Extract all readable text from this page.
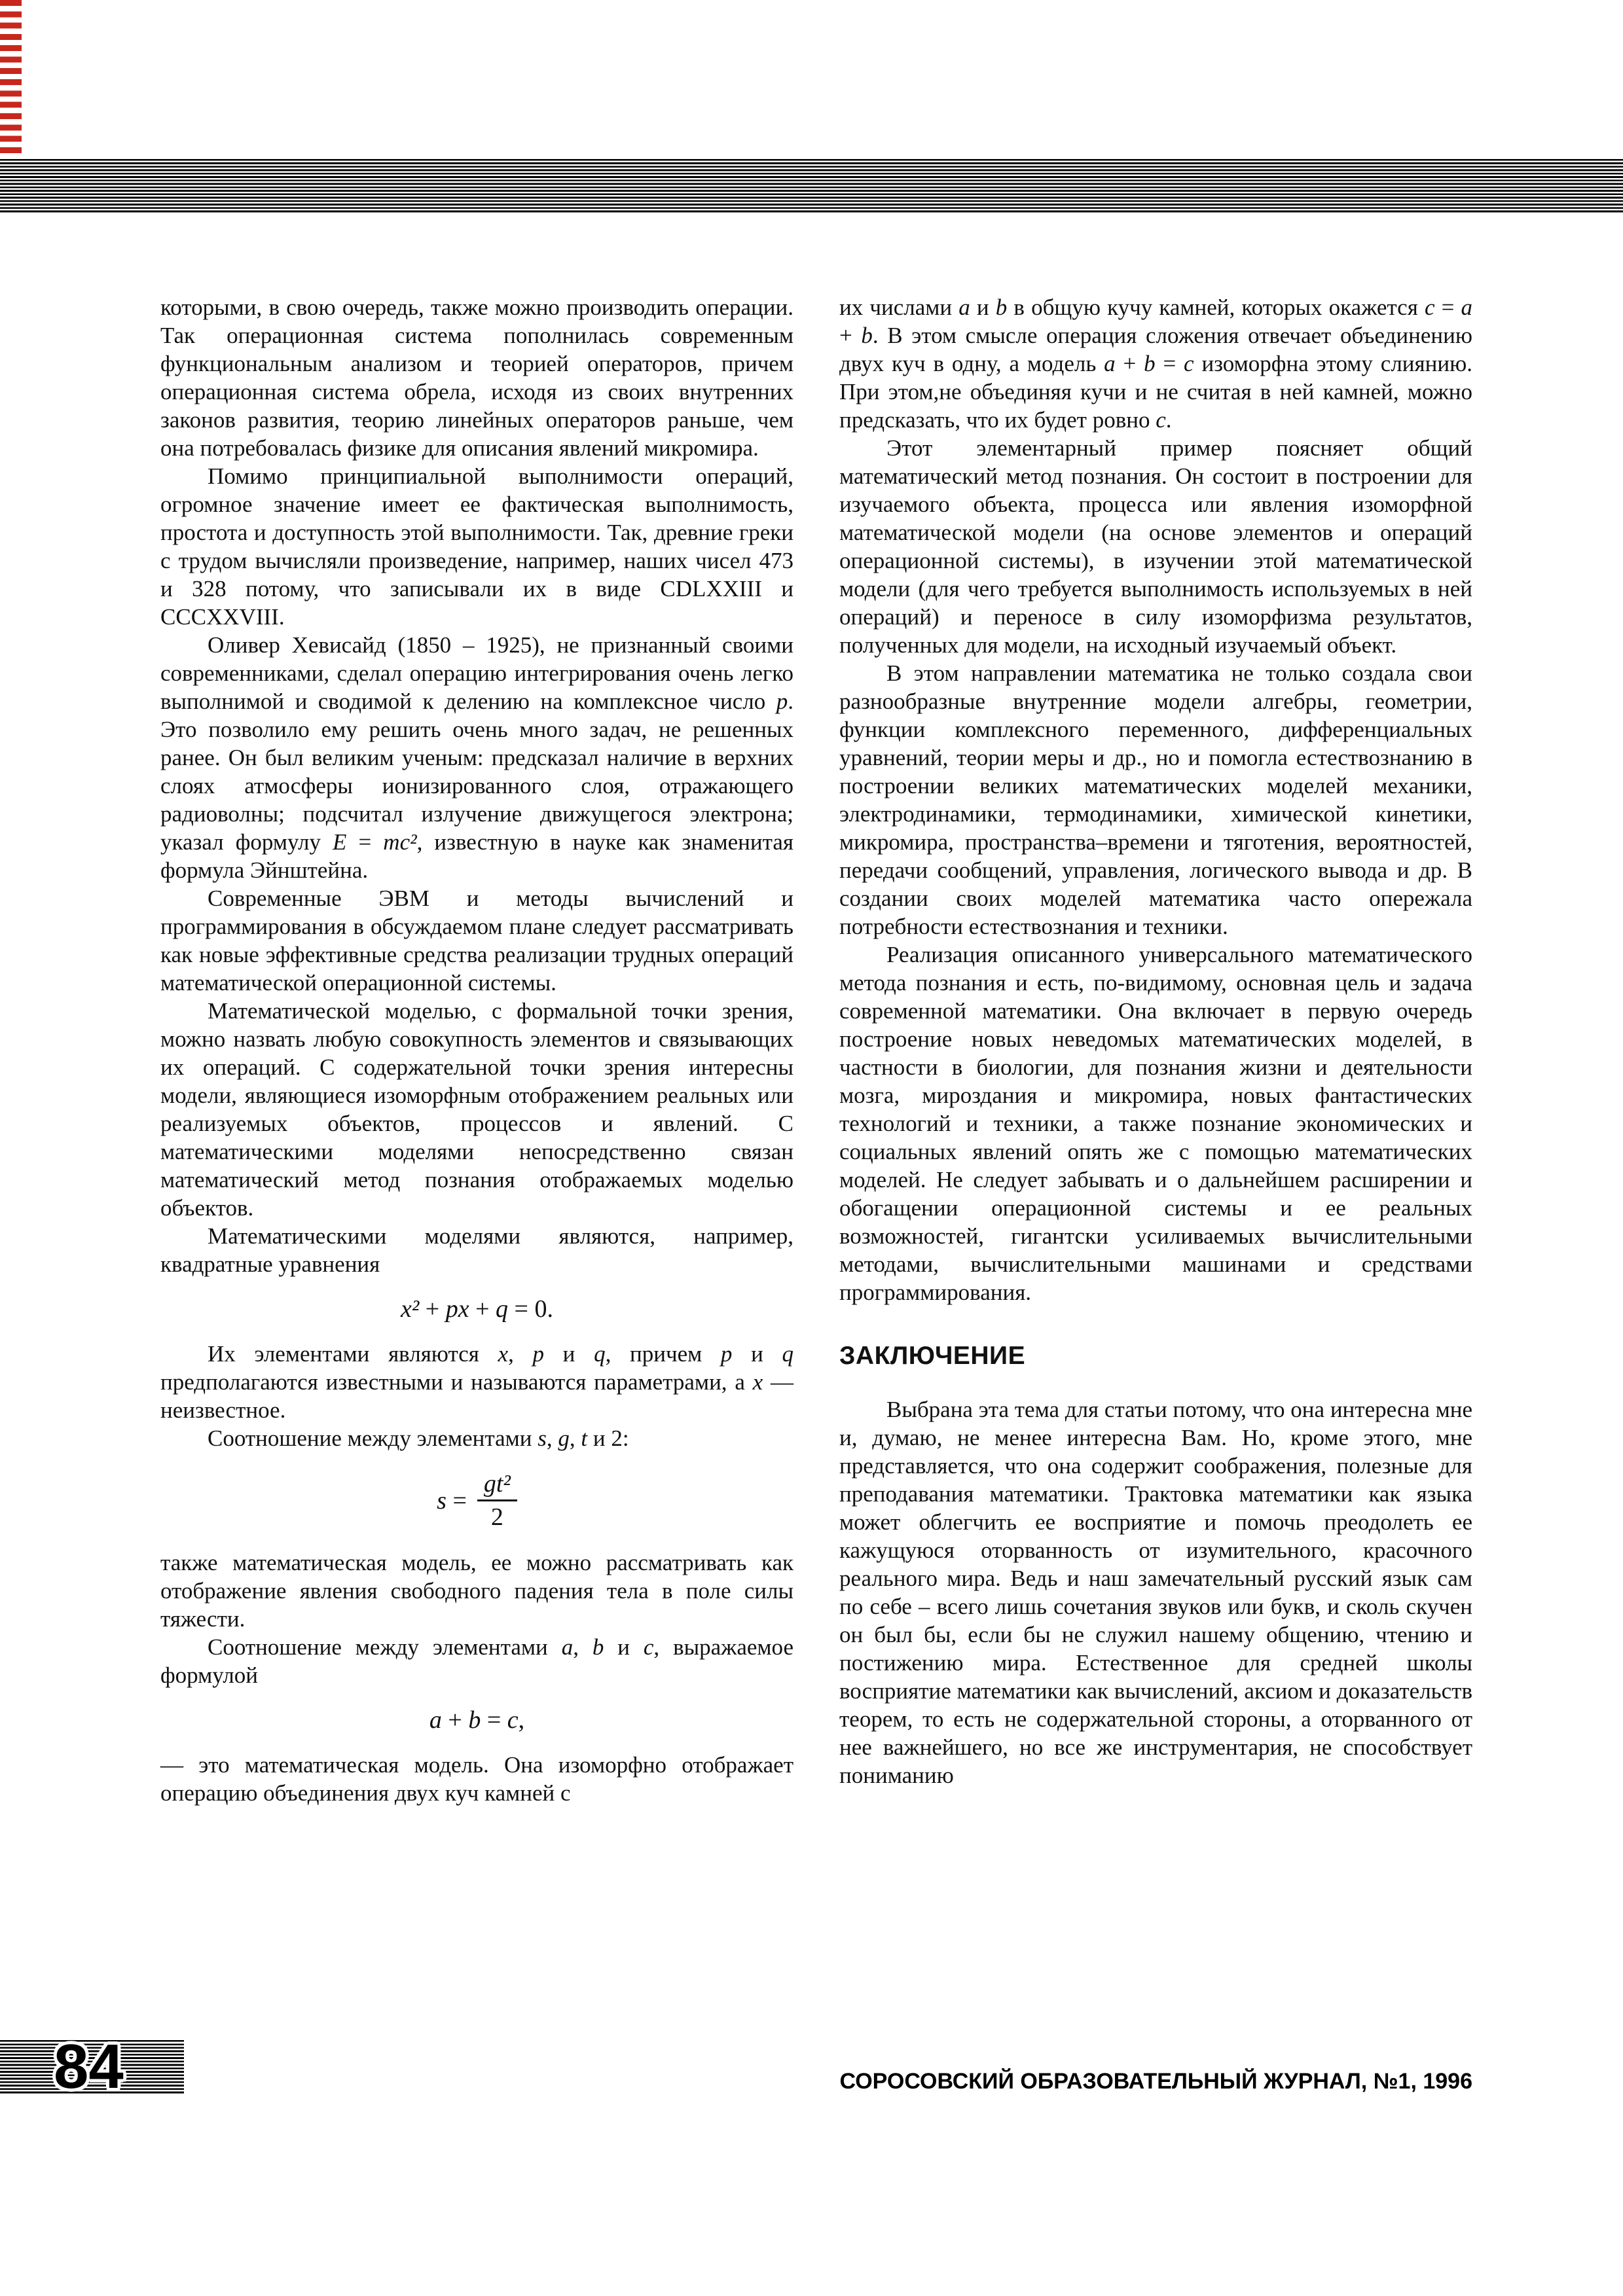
которыми, в свою очередь, также можно производить операции. Так операционная система пополнилась современным функциональным анализом и теорией операторов, причем операционная система обрела, исходя из своих внутренних законов развития, теорию линейных операторов раньше, чем она потребовалась физике для описания явлений микромира.

Помимо принципиальной выполнимости операций, огромное значение имеет ее фактическая выполнимость, простота и доступность этой выполнимости. Так, древние греки с трудом вычисляли произведение, например, наших чисел 473 и 328 потому, что записывали их в виде CDLXXIII и CCCXXVIII.

Оливер Хевисайд (1850 – 1925), не признанный своими современниками, сделал операцию интегрирования очень легко выполнимой и сводимой к делению на комплексное число p. Это позволило ему решить очень много задач, не решенных ранее. Он был великим ученым: предсказал наличие в верхних слоях атмосферы ионизированного слоя, отражающего радиоволны; подсчитал излучение движущегося электрона; указал формулу E = mc², известную в науке как знаменитая формула Эйнштейна.

Современные ЭВМ и методы вычислений и программирования в обсуждаемом плане следует рассматривать как новые эффективные средства реализации трудных операций математической операционной системы.

Математической моделью, с формальной точки зрения, можно назвать любую совокупность элементов и связывающих их операций. С содержательной точки зрения интересны модели, являющиеся изоморфным отображением реальных или реализуемых объектов, процессов и явлений. С математическими моделями непосредственно связан математический метод познания отображаемых моделью объектов.

Математическими моделями являются, например, квадратные уравнения

x² + px + q = 0.

Их элементами являются x, p и q, причем p и q предполагаются известными и называются параметрами, а x — неизвестное.

Соотношение между элементами s, g, t и 2:

$s = \frac{\text{gt²}}{2}$

также математическая модель, ее можно рассматривать как отображение явления свободного падения тела в поле силы тяжести.

Соотношение между элементами a, b и c, выражаемое формулой

a + b = c,

— это математическая модель. Она изоморфно отображает операцию объединения двух куч камней с

их числами a и b в общую кучу камней, которых окажется c = a + b. В этом смысле операция сложения отвечает объединению двух куч в одну, а модель a + b = c изоморфна этому слиянию. При этом,не объединяя кучи и не считая в ней камней, можно предсказать, что их будет ровно c.

Этот элементарный пример поясняет общий математический метод познания. Он состоит в построении для изучаемого объекта, процесса или явления изоморфной математической модели (на основе элементов и операций операционной системы), в изучении этой математической модели (для чего требуется выполнимость используемых в ней операций) и переносе в силу изоморфизма результатов, полученных для модели, на исходный изучаемый объект.

В этом направлении математика не только создала свои разнообразные внутренние модели алгебры, геометрии, функции комплексного переменного, дифференциальных уравнений, теории меры и др., но и помогла естествознанию в построении великих математических моделей механики, электродинамики, термодинамики, химической кинетики, микромира, пространства–времени и тяготения, вероятностей, передачи сообщений, управления, логического вывода и др. В создании своих моделей математика часто опережала потребности естествознания и техники.

Реализация описанного универсального математического метода познания и есть, по-видимому, основная цель и задача современной математики. Она включает в первую очередь построение новых неведомых математических моделей, в частности в биологии, для познания жизни и деятельности мозга, мироздания и микромира, новых фантастических технологий и техники, а также познание экономических и социальных явлений опять же с помощью математических моделей. Не следует забывать и о дальнейшем расширении и обогащении операционной системы и ее реальных возможностей, гигантски усиливаемых вычислительными методами, вычислительными машинами и средствами программирования.

ЗАКЛЮЧЕНИЕ

Выбрана эта тема для статьи потому, что она интересна мне и, думаю, не менее интересна Вам. Но, кроме этого, мне представляется, что она содержит соображения, полезные для преподавания математики. Трактовка математики как языка может облегчить ее восприятие и помочь преодолеть ее кажущуюся оторванность от изумительного, красочного реального мира. Ведь и наш замечательный русский язык сам по себе – всего лишь сочетания звуков или букв, и сколь скучен он был бы, если бы не служил нашему общению, чтению и постижению мира. Естественное для средней школы восприятие математики как вычислений, аксиом и доказательств теорем, то есть не содержательной стороны, а оторванного от нее важнейшего, но все же инструментария, не способствует пониманию

84	СОРОСОВСКИЙ ОБРАЗОВАТЕЛЬНЫЙ ЖУРНАЛ, №1, 1996
